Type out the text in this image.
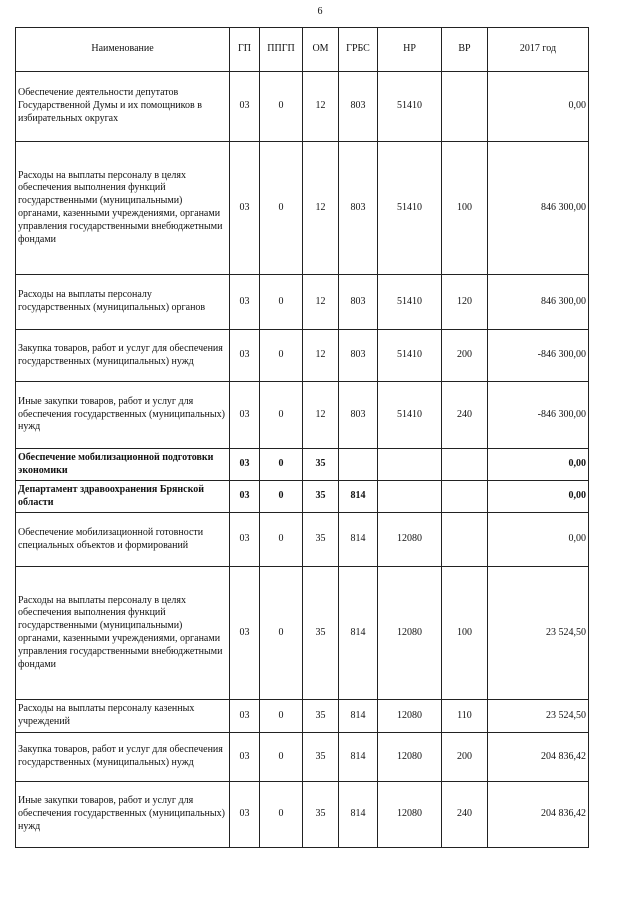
6
Наименование	ГП	ППГП	ОМ	ГРБС	НР	ВР	2017 год
Обеспечение деятельности депутатов Государственной Думы и их помощников в избирательных округах	03	0	12	803	51410		0,00
Расходы на выплаты персоналу в целях обеспечения выполнения функций государственными (муниципальными) органами, казенными учреждениями, органами управления государственными внебюджетными фондами	03	0	12	803	51410	100	846 300,00
Расходы на выплаты персоналу государственных (муниципальных) органов	03	0	12	803	51410	120	846 300,00
Закупка товаров, работ и услуг для обеспечения государственных (муниципальных) нужд	03	0	12	803	51410	200	-846 300,00
Иные закупки товаров, работ и услуг для обеспечения государственных (муниципальных) нужд	03	0	12	803	51410	240	-846 300,00
Обеспечение мобилизационной подготовки экономики	03	0	35				0,00
Департамент здравоохранения Брянской области	03	0	35	814			0,00
Обеспечение мобилизационной готовности специальных объектов и формирований	03	0	35	814	12080		0,00
Расходы на выплаты персоналу в целях обеспечения выполнения функций государственными (муниципальными) органами, казенными учреждениями, органами управления государственными внебюджетными фондами	03	0	35	814	12080	100	23 524,50
Расходы на выплаты персоналу казенных учреждений	03	0	35	814	12080	110	23 524,50
Закупка товаров, работ и услуг для обеспечения государственных (муниципальных) нужд	03	0	35	814	12080	200	204 836,42
Иные закупки товаров, работ и услуг для обеспечения государственных (муниципальных) нужд	03	0	35	814	12080	240	204 836,42
